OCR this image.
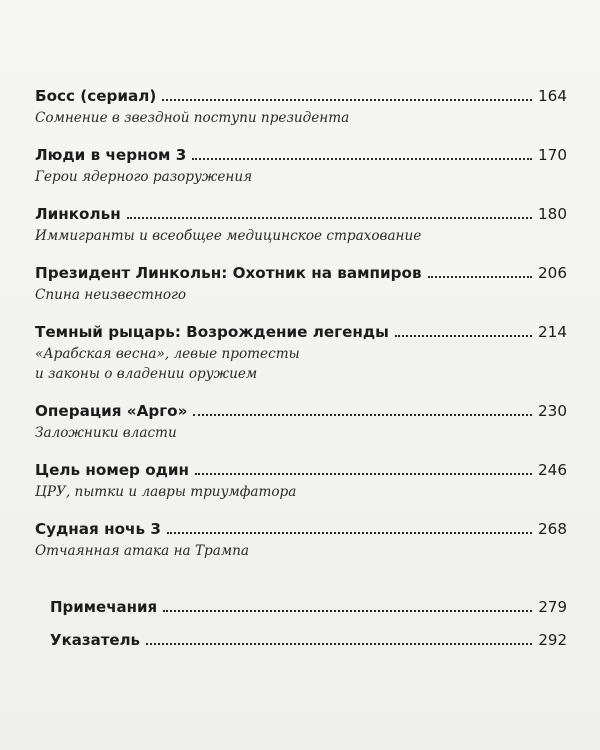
Босс (сериал)	164
Сомнение в звездной поступи президента
Люди в черном 3	170
Герои ядерного разоружения
Линкольн	180
Иммигранты и всеобщее медицинское страхование
Президент Линкольн: Охотник на вампиров	206
Спина неизвестного
Темный рыцарь: Возрождение легенды	214
«Арабская весна», левые протесты
и законы о владении оружием
Операция «Арго»	230
Заложники власти
Цель номер один	246
ЦРУ, пытки и лавры триумфатора
Судная ночь 3	268
Отчаянная атака на Трампа
Примечания	279
Указатель	292
